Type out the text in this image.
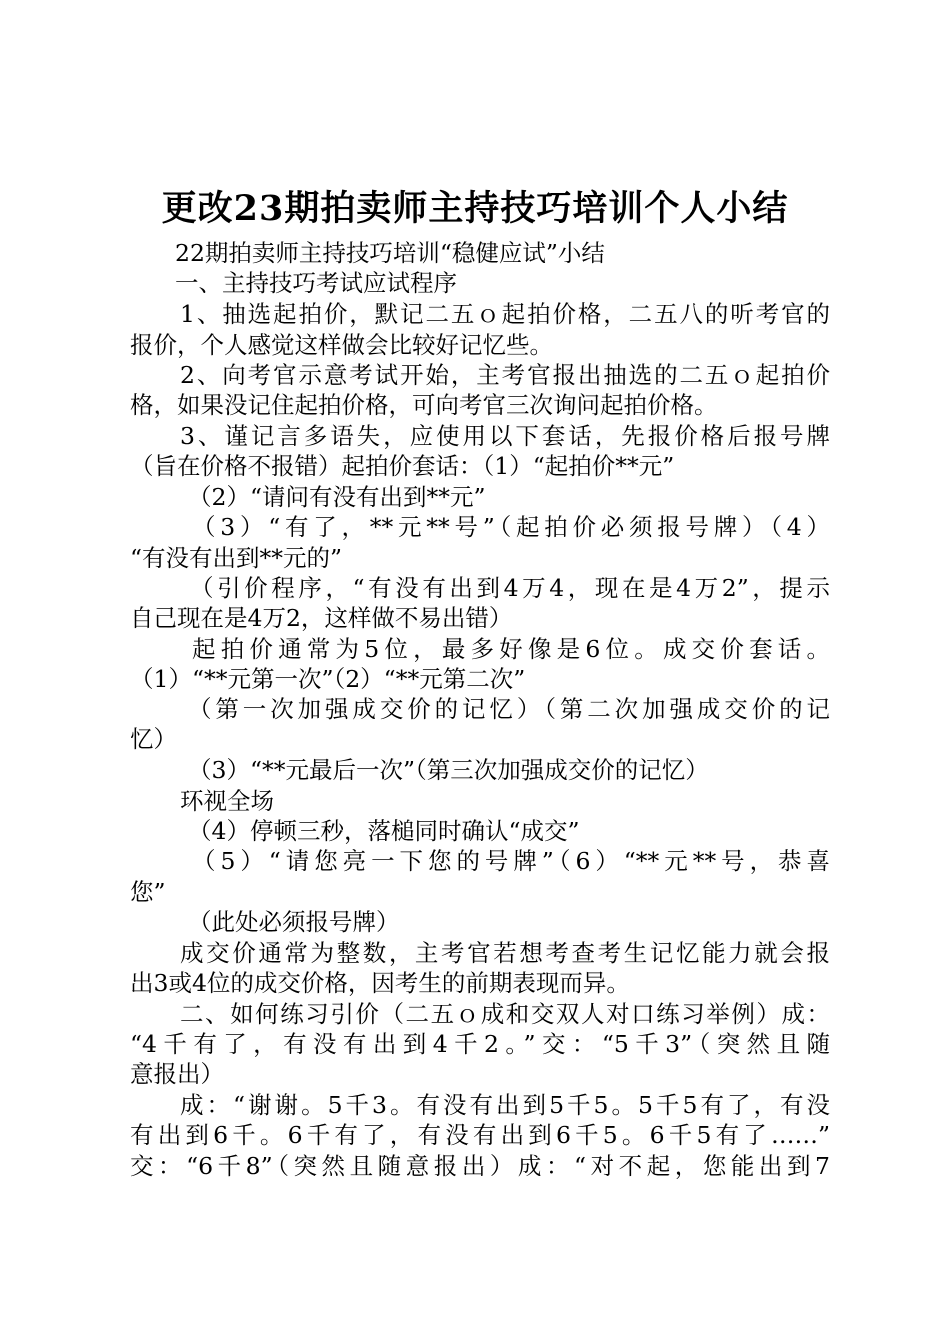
更改23期拍卖师主持技巧培训个人小结
22期拍卖师主持技巧培训“稳健应试”小结
一、主持技巧考试应试程序
1、抽选起拍价，默记二五ｏ起拍价格，二五八的听考官的
报价，个人感觉这样做会比较好记忆些。
2、向考官示意考试开始，主考官报出抽选的二五ｏ起拍价
格，如果没记住起拍价格，可向考官三次询问起拍价格。
3、谨记言多语失，应使用以下套话，先报价格后报号牌
（旨在价格不报错）起拍价套话：（1）“起拍价**元”
（2）“请问有没有出到**元”
（3）“有了，**元**号”（起拍价必须报号牌）（4）
“有没有出到**元的”
（引价程序，“有没有出到4万4，现在是4万2”，提示
自己现在是4万2，这样做不易出错）
起拍价通常为5位，最多好像是6位。成交价套话。
（1）“**元第一次”（2）“**元第二次”
（第一次加强成交价的记忆）（第二次加强成交价的记
忆）
（3）“**元最后一次”（第三次加强成交价的记忆）
环视全场
（4）停顿三秒，落槌同时确认“成交”
（5）“请您亮一下您的号牌”（6）“**元**号，恭喜
您”
（此处必须报号牌）
成交价通常为整数，主考官若想考查考生记忆能力就会报
出3或4位的成交价格，因考生的前期表现而异。
二、如何练习引价（二五ｏ成和交双人对口练习举例）成：
“4千有了，有没有出到4千2。”交：“5千3”（突然且随
意报出）
成：“谢谢。5千3。有没有出到5千5。5千5有了，有没
有出到6千。6千有了，有没有出到6千5。6千5有了……”
交：“6千8”（突然且随意报出）成：“对不起，您能出到7
